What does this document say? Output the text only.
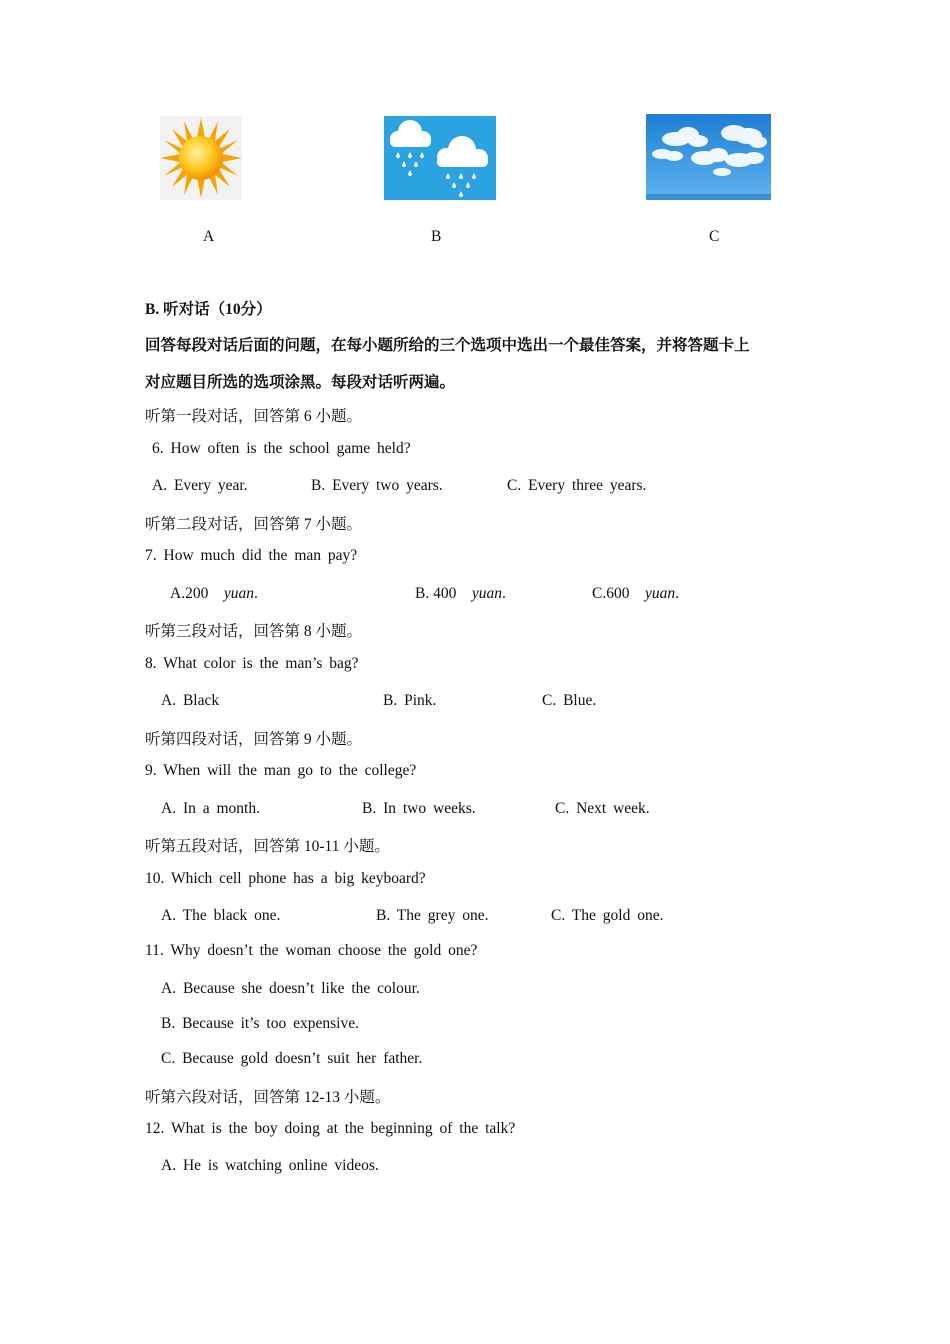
A	B	C
B. 听对话（10分）
回答每段对话后面的问题，在每小题所给的三个选项中选出一个最佳答案，并将答题卡上
对应题目所选的选项涂黑。每段对话听两遍。
听第一段对话，回答第 6 小题。
6. How often is the school game held?
A. Every year.	B. Every two years.	C. Every three years.
听第二段对话，回答第 7 小题。
7. How much did the man pay?
A.200 yuan.	B. 400 yuan.	C.600 yuan.
听第三段对话，回答第 8 小题。
8. What color is the man’s bag?
A. Black	B. Pink.	C. Blue.
听第四段对话，回答第 9 小题。
9. When will the man go to the college?
A. In a month.	B. In two weeks.	C. Next week.
听第五段对话，回答第 10-11 小题。
10. Which cell phone has a big keyboard?
A. The black one.	B. The grey one.	C. The gold one.
11. Why doesn’t the woman choose the gold one?
A. Because she doesn’t like the colour.
B. Because it’s too expensive.
C. Because gold doesn’t suit her father.
听第六段对话，回答第 12-13 小题。
12. What is the boy doing at the beginning of the talk?
A. He is watching online videos.
